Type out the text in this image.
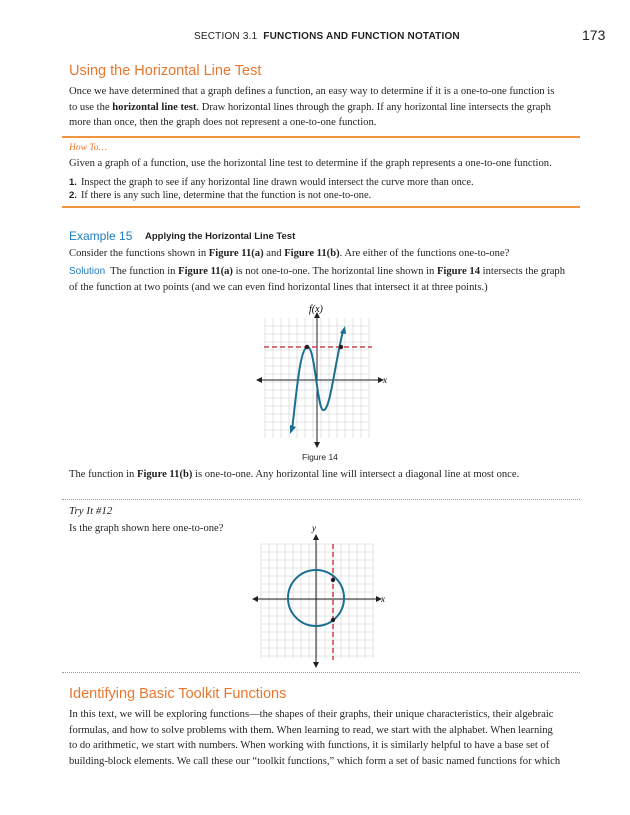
SECTION 3.1 FUNCTIONS AND FUNCTION NOTATION	173
Using the Horizontal Line Test
Once we have determined that a graph defines a function, an easy way to determine if it is a one-to-one function is
to use the horizontal line test. Draw horizontal lines through the graph. If any horizontal line intersects the graph
more than once, then the graph does not represent a one-to-one function.
How To…
Given a graph of a function, use the horizontal line test to determine if the graph represents a one-to-one function.
1. Inspect the graph to see if any horizontal line drawn would intersect the curve more than once.
2. If there is any such line, determine that the function is not one-to-one.
Example 15 Applying the Horizontal Line Test
Consider the functions shown in Figure 11(a) and Figure 11(b). Are either of the functions one-to-one?
Solution The function in Figure 11(a) is not one-to-one. The horizontal line shown in Figure 14 intersects the graph
of the function at two points (and we can even find horizontal lines that intersect it at three points.)
f(x)
x
Figure 14
The function in Figure 11(b) is one-to-one. Any horizontal line will intersect a diagonal line at most once.
Try It #12
Is the graph shown here one-to-one?	y
x
Identifying Basic Toolkit Functions
In this text, we will be exploring functions—the shapes of their graphs, their unique characteristics, their algebraic
formulas, and how to solve problems with them. When learning to read, we start with the alphabet. When learning
to do arithmetic, we start with numbers. When working with functions, it is similarly helpful to have a base set of
building-block elements. We call these our “toolkit functions,” which form a set of basic named functions for which
